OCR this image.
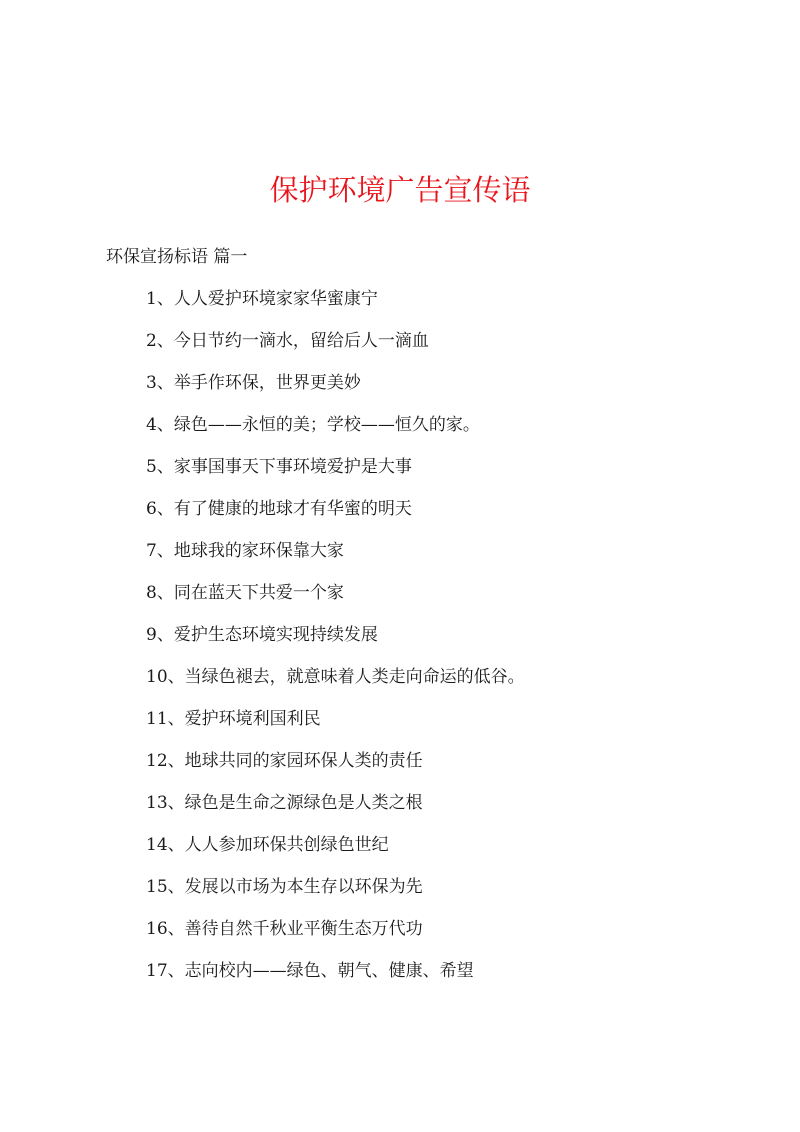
保护环境广告宣传语

环保宣扬标语 篇一

1、人人爱护环境家家华蜜康宁
2、今日节约一滴水，留给后人一滴血
3、举手作环保，世界更美妙
4、绿色——永恒的美；学校——恒久的家。
5、家事国事天下事环境爱护是大事
6、有了健康的地球才有华蜜的明天
7、地球我的家环保靠大家
8、同在蓝天下共爱一个家
9、爱护生态环境实现持续发展
10、当绿色褪去，就意味着人类走向命运的低谷。
11、爱护环境利国利民
12、地球共同的家园环保人类的责任
13、绿色是生命之源绿色是人类之根
14、人人参加环保共创绿色世纪
15、发展以市场为本生存以环保为先
16、善待自然千秋业平衡生态万代功
17、志向校内——绿色、朝气、健康、希望
